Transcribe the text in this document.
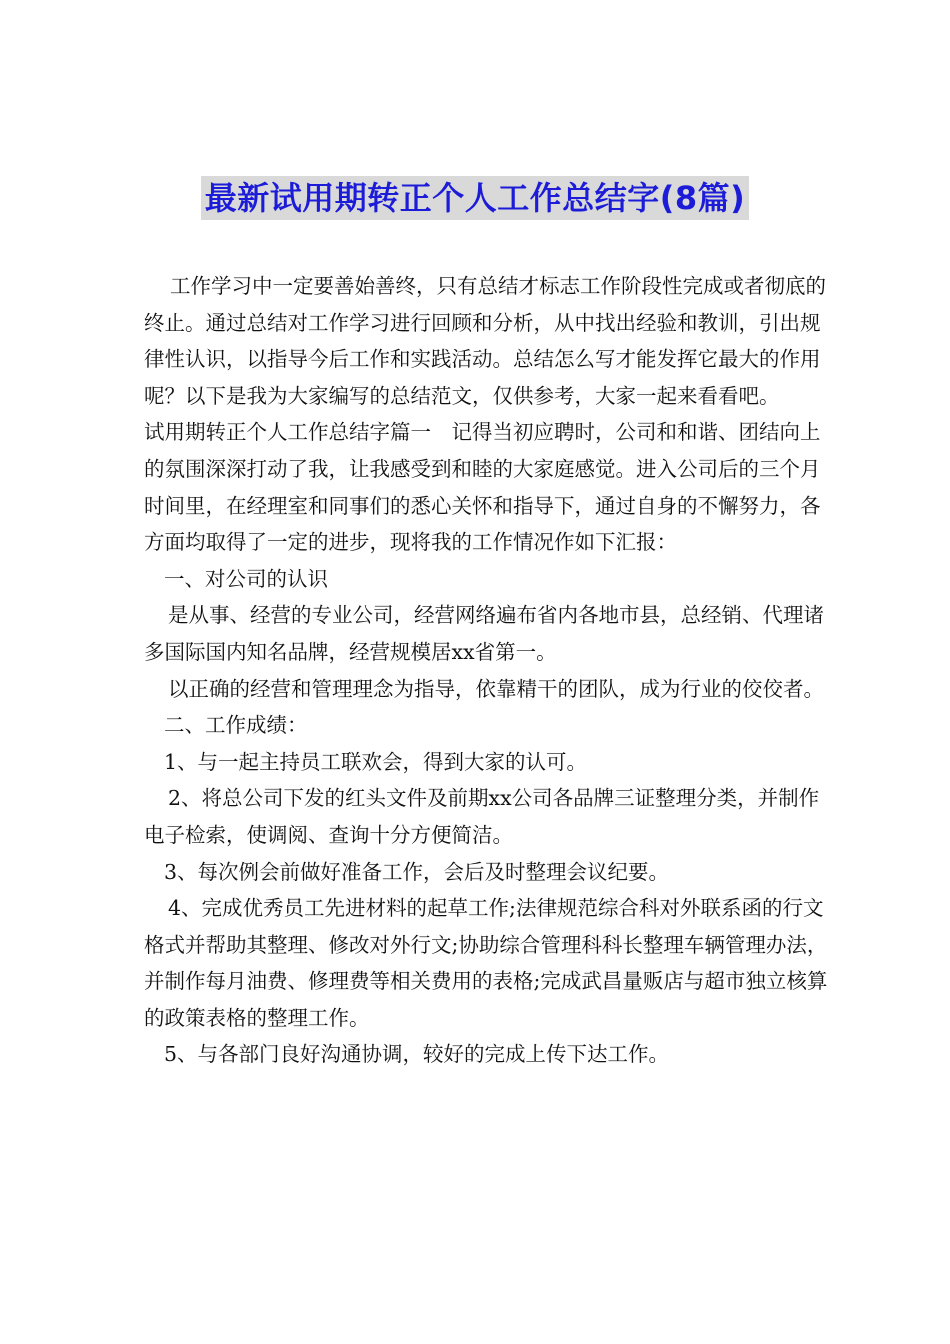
最新试用期转正个人工作总结字(8篇)

工作学习中一定要善始善终，只有总结才标志工作阶段性完成或者彻底的终止。通过总结对工作学习进行回顾和分析，从中找出经验和教训，引出规律性认识，以指导今后工作和实践活动。总结怎么写才能发挥它最大的作用呢？以下是我为大家编写的总结范文，仅供参考，大家一起来看看吧。

试用期转正个人工作总结字篇一　记得当初应聘时，公司和和谐、团结向上的氛围深深打动了我，让我感受到和睦的大家庭感觉。进入公司后的三个月时间里，在经理室和同事们的悉心关怀和指导下，通过自身的不懈努力，各方面均取得了一定的进步，现将我的工作情况作如下汇报：

一、对公司的认识

是从事、经营的专业公司，经营网络遍布省内各地市县，总经销、代理诸多国际国内知名品牌，经营规模居xx省第一。

以正确的经营和管理理念为指导，依靠精干的团队，成为行业的佼佼者。

二、工作成绩：

1、与一起主持员工联欢会，得到大家的认可。

2、将总公司下发的红头文件及前期xx公司各品牌三证整理分类，并制作电子检索，使调阅、查询十分方便简洁。

3、每次例会前做好准备工作，会后及时整理会议纪要。

4、完成优秀员工先进材料的起草工作;法律规范综合科对外联系函的行文格式并帮助其整理、修改对外行文;协助综合管理科科长整理车辆管理办法，并制作每月油费、修理费等相关费用的表格;完成武昌量贩店与超市独立核算的政策表格的整理工作。

5、与各部门良好沟通协调，较好的完成上传下达工作。
